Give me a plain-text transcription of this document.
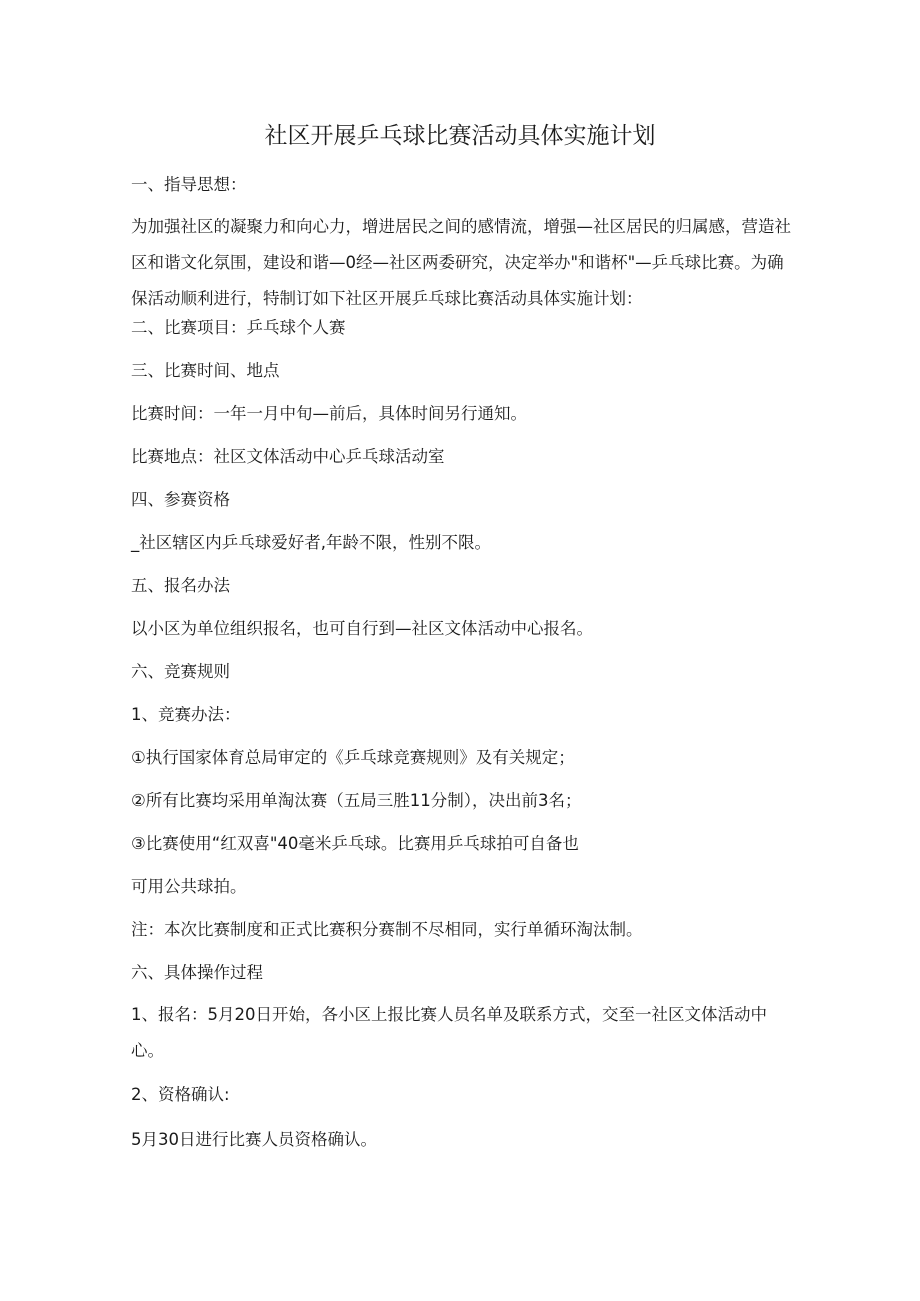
社区开展乒乓球比赛活动具体实施计划
一、指导思想：
为加强社区的凝聚力和向心力，增进居民之间的感情流，增强—社区居民的归属感，营造社区和谐文化氛围，建设和谐—0经—社区两委研究，决定举办"和谐杯"—乒乓球比赛。为确保活动顺利进行，特制订如下社区开展乒乓球比赛活动具体实施计划：
二、比赛项目：乒乓球个人赛
三、比赛时间、地点
比赛时间：一年一月中旬—前后，具体时间另行通知。
比赛地点：社区文体活动中心乒乓球活动室
四、参赛资格
_社区辖区内乒乓球爱好者,年龄不限，性别不限。
五、报名办法
以小区为单位组织报名，也可自行到—社区文体活动中心报名。
六、竞赛规则
1、竞赛办法：
①执行国家体育总局审定的《乒乓球竞赛规则》及有关规定；
②所有比赛均采用单淘汰赛（五局三胜11分制），决出前3名；
③比赛使用“红双喜"40毫米乒乓球。比赛用乒乓球拍可自备也
可用公共球拍。
注：本次比赛制度和正式比赛积分赛制不尽相同，实行单循环淘汰制。
六、具体操作过程
1、报名：5月20日开始，各小区上报比赛人员名单及联系方式，交至一社区文体活动中心。
2、资格确认:
5月30日进行比赛人员资格确认。
